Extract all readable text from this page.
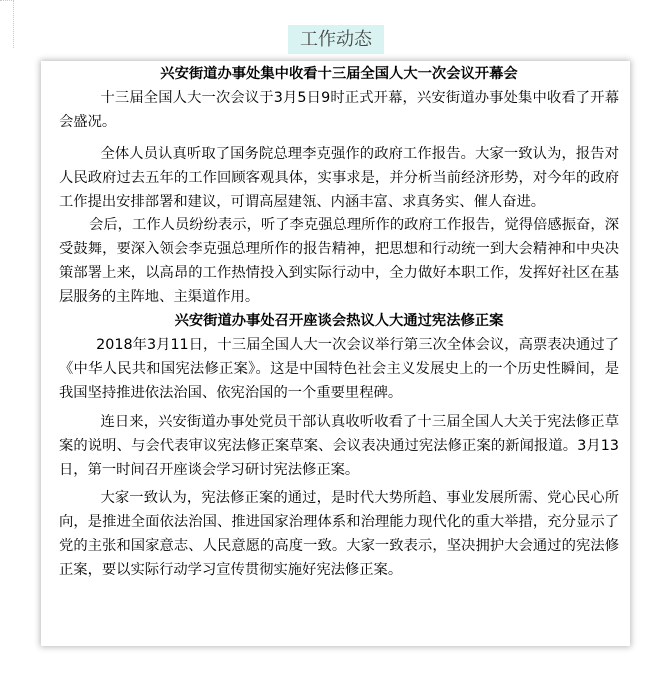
工作动态
兴安街道办事处集中收看十三届全国人大一次会议开幕会

十三届全国人大一次会议于3月5日9时正式开幕，兴安街道办事处集中收看了开幕会盛况。

全体人员认真听取了国务院总理李克强作的政府工作报告。大家一致认为，报告对人民政府过去五年的工作回顾客观具体，实事求是，并分析当前经济形势，对今年的政府工作提出安排部署和建议，可谓高屋建瓴、内涵丰富、求真务实、催人奋进。

会后，工作人员纷纷表示，听了李克强总理所作的政府工作报告，觉得倍感振奋，深受鼓舞，要深入领会李克强总理所作的报告精神，把思想和行动统一到大会精神和中央决策部署上来，以高昂的工作热情投入到实际行动中，全力做好本职工作，发挥好社区在基层服务的主阵地、主渠道作用。

兴安街道办事处召开座谈会热议人大通过宪法修正案

2018年3月11日，十三届全国人大一次会议举行第三次全体会议，高票表决通过了《中华人民共和国宪法修正案》。这是中国特色社会主义发展史上的一个历史性瞬间，是我国坚持推进依法治国、依宪治国的一个重要里程碑。

连日来，兴安街道办事处党员干部认真收听收看了十三届全国人大关于宪法修正草案的说明、与会代表审议宪法修正案草案、会议表决通过宪法修正案的新闻报道。3月13日，第一时间召开座谈会学习研讨宪法修正案。

大家一致认为，宪法修正案的通过，是时代大势所趋、事业发展所需、党心民心所向，是推进全面依法治国、推进国家治理体系和治理能力现代化的重大举措，充分显示了党的主张和国家意志、人民意愿的高度一致。大家一致表示，坚决拥护大会通过的宪法修正案，要以实际行动学习宣传贯彻实施好宪法修正案。
